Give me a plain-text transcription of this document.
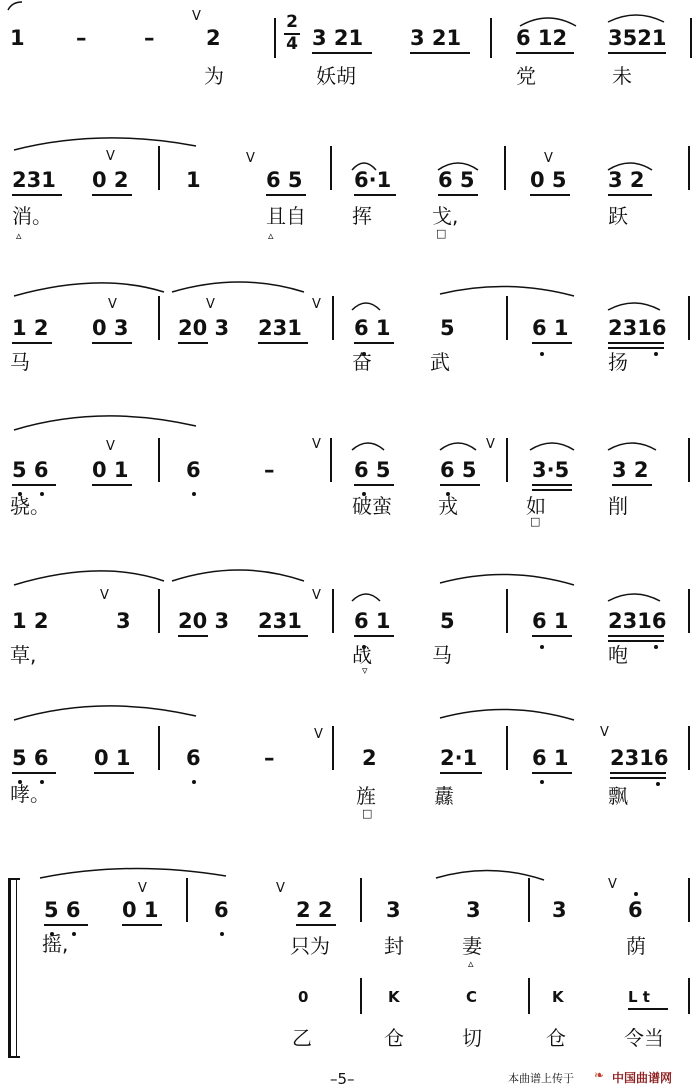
V
1 –	– 2
2
4 3 21 3 21	6 12 3521
为	妖胡	党	未
V	V	V
231 0 2	1	6 5 6·1 6 5	0 5 3 2
消。	且自 挥	戈,	跃
▵	▵	□
V	V	V
1 2 0 3 20 3 231 6 1 5	6 1 2316
马	奋	武	扬
V	V	V
5 6 0 1	6	–	6 5 6 5	3·5 3 2
骁。	破蛮 戎	如	削
□
V	V
1 2	3 20 3 231 6 1 5	6 1 2316
草,	战	马	咆
▿
V	V
5 6 0 1	6	–	2	2·1	6 1 2316
哮。	旌	纛	飘
□
V	V	V
5 6 0 1	6	2 2	3	3	3	6
摇,	只为	封	妻	荫
▵
0	K	C	K	L t
乙	仓	切	仓	令当
–5–	本曲谱上传于 ❧ 中国曲谱网
